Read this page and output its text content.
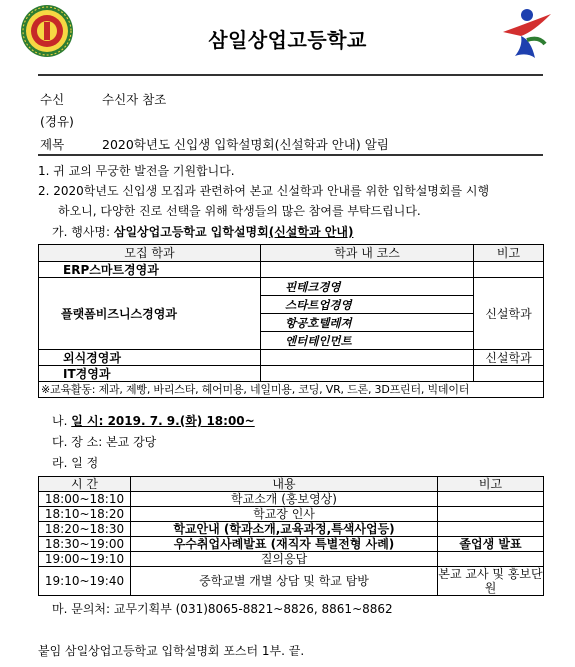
삼일상업고등학교
수신	수신자 참조
(경유)
제목	2020학년도 신입생 입학설명회(신설학과 안내) 알림
1. 귀 교의 무궁한 발전을 기원합니다.
2. 2020학년도 신입생 모집과 관련하여 본교 신설학과 안내를 위한 입학설명회를 시행
하오니, 다양한 진로 선택을 위해 학생들의 많은 참여를 부탁드립니다.
가. 행사명: 삼일상업고등학교 입학설명회(신설학과 안내)
모집 학과	학과 내 코스	비고
ERP스마트경영과		
플랫폼비즈니스경영과	핀테크경영	신설학과
	스타트업경영	
	항공호텔레져	
	엔터테인먼트	
외식경영과		신설학과
IT경영과		
※교육활동: 제과, 제빵, 바리스타, 헤어미용, 네일미용, 코딩, VR, 드론, 3D프린터, 빅데이터		
나. 일 시: 2019. 7. 9.(화) 18:00~
다. 장 소: 본교 강당
라. 일 정
시 간	내용	비고
18:00~18:10	학교소개 (홍보영상)	
18:10~18:20	학교장 인사	
18:20~18:30	학교안내 (학과소개,교육과정,특색사업등)	
18:30~19:00	우수취업사례발표 (재직자 특별전형 사례)	졸업생 발표
19:00~19:10	질의응답	
19:10~19:40	중학교별 개별 상담 및 학교 탐방	본교 교사 및 홍보단원
마. 문의처: 교무기획부 (031)8065-8821~8826, 8861~8862
붙임 삼일상업고등학교 입학설명회 포스터 1부. 끝.
